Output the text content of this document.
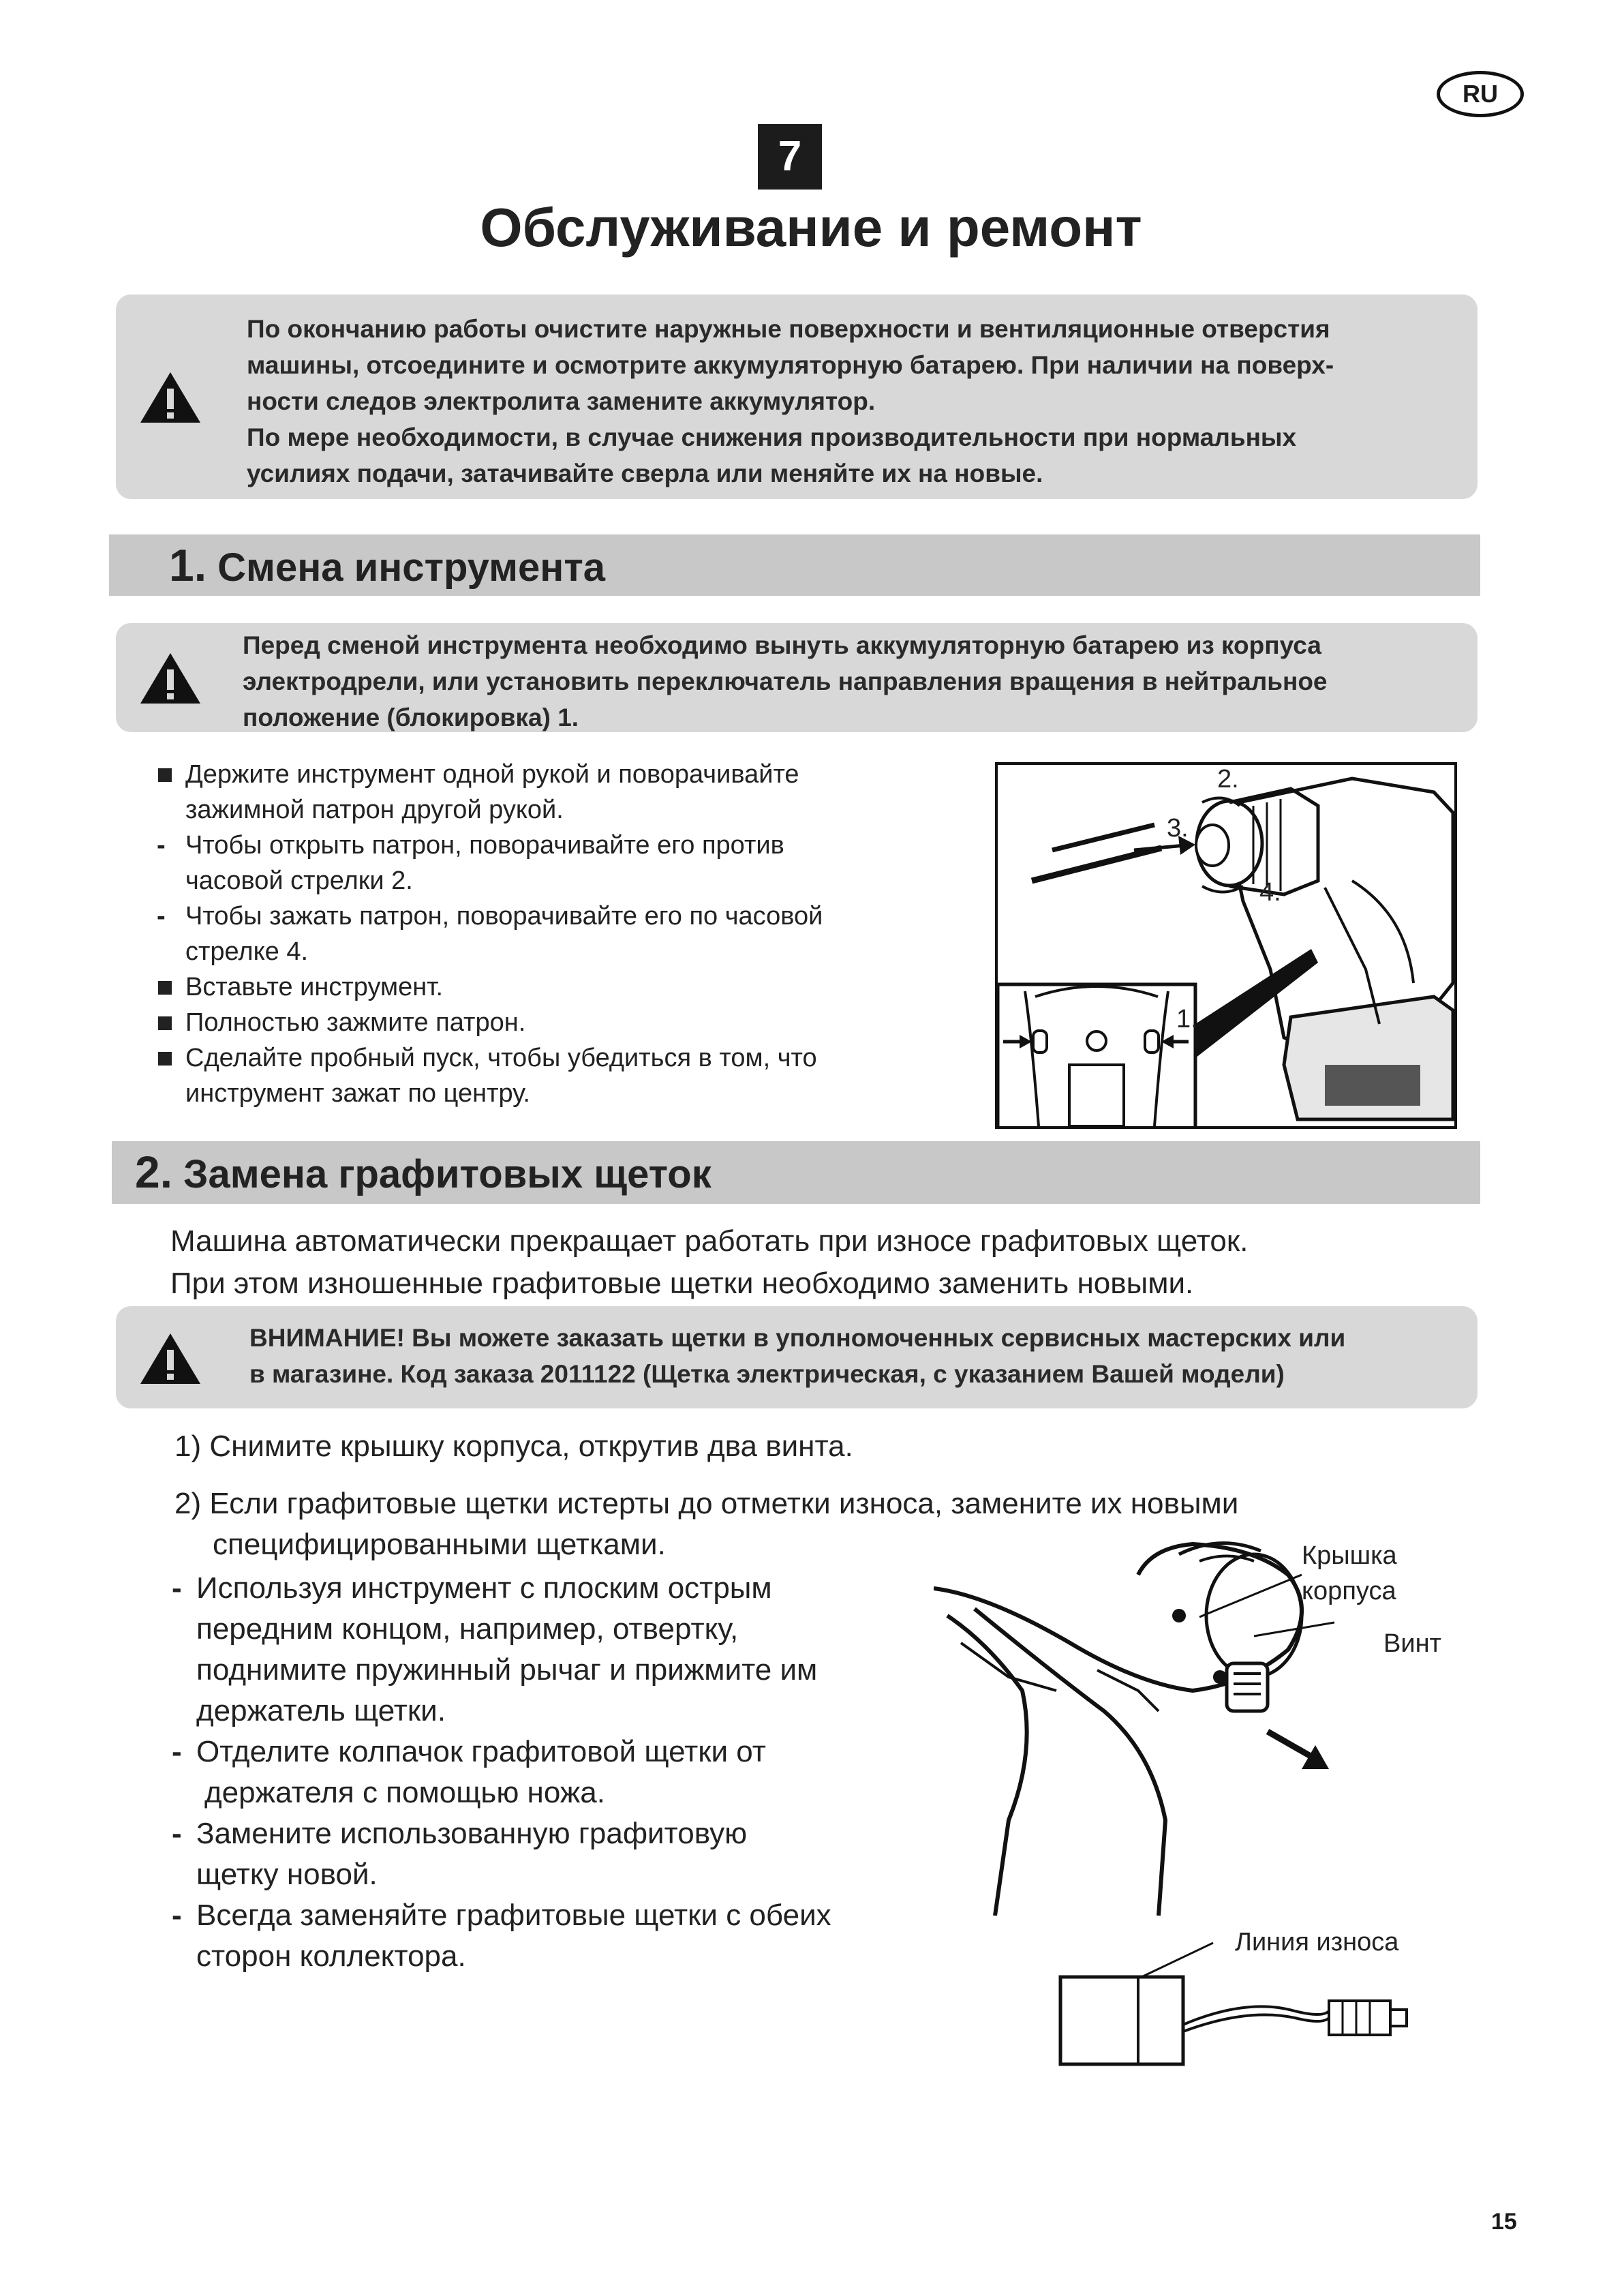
RU
7
Обслуживание и ремонт
По окончанию работы очистите наружные поверхности и вентиляционные отверстия
машины, отсоедините и осмотрите аккумуляторную батарею. При наличии на поверх-
ности следов электролита замените аккумулятор.
По мере необходимости, в случае снижения производительности при нормальных
усилиях подачи, затачивайте сверла или меняйте их на новые.
1. Смена инструмента
Перед сменой инструмента необходимо вынуть аккумуляторную батарею из корпуса
электродрели, или установить переключатель направления вращения в нейтральное
положение (блокировка) 1.
Держите инструмент одной рукой и поворачивайте
зажимной патрон другой рукой.
- Чтобы открыть патрон, поворачивайте его против
часовой стрелки 2.
- Чтобы зажать патрон, поворачивайте его по часовой
стрелке 4.
Вставьте инструмент.
Полностью зажмите патрон.
Сделайте пробный пуск, чтобы убедиться в том, что
инструмент зажат по центру.
2.
3.
4.
1.
2. Замена графитовых щеток
Машина автоматически прекращает работать при износе графитовых щеток.
При этом изношенные графитовые щетки необходимо заменить новыми.
ВНИМАНИЕ! Вы можете заказать щетки в уполномоченных сервисных мастерских или
в магазине. Код заказа 2011122 (Щетка электрическая, с указанием Вашей модели)
1) Снимите крышку корпуса, открутив два винта.
2) Если графитовые щетки истерты до отметки износа, замените их новыми
специфицированными щетками.
- Используя инструмент с плоским острым
передним концом, например, отвертку,
поднимите пружинный рычаг и прижмите им
держатель щетки.
- Отделите колпачок графитовой щетки от
держателя с помощью ножа.
- Замените использованную графитовую
щетку новой.
- Всегда заменяйте графитовые щетки с обеих
сторон коллектора.
Крышка корпуса
Винт
Линия износа
15
